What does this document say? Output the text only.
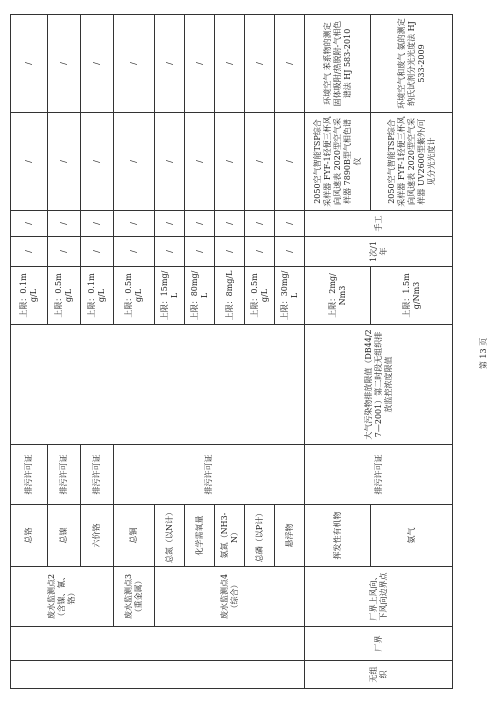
		废水监测点2（含镍、氰、铬）	总铬	排污许可证		上限：0.1mg/L	/	/	/	/
			总镍	排污许可证		上限：0.5mg/L	/	/	/	/
			六价铬	排污许可证		上限：0.1mg/L	/	/	/	/
		废水监测点3（重金属）	总铜	排污许可证		上限：0.5mg/L	/	/	/	/
		废水监测点4（综合）	总氮（以N计）			上限：15mg/L	/	/	/	/
			化学需氧量			上限：80mg/L	/	/	/	/
			氨氮（NH3-N）			上限：8mg/L	/	/	/	/
			总磷（以P计）			上限：0.5mg/L	/	/	/	/
			悬浮物			上限：30mg/L	/	/	/	/
无组织	厂界	厂界上风向、下风向边界点	挥发性有机物	排污许可证	大气污染物排放限值（DB44/27—2001）第二时段无组织排放监控浓度限值	上限：2mg/Nm3	1次/1年	手工	2050空气智能TSP综合采样器 FYF-1轻便三杯风向风速表 2020型空气采样器 7890B型气相色谱仪	环境空气 苯系物的测定 固体吸附/热脱附-气相色谱法 HJ 583-2010
			氨气			上限：1.5mg/Nm3			2050空气智能TSP综合采样器 FYF-1轻便三杯风向风速表 2020型空气采样器 UV2600型紫外/可见分光光度计	环境空气和废气 氨的测定 纳氏试剂分光光度法 HJ 533-2009
第 13 页
